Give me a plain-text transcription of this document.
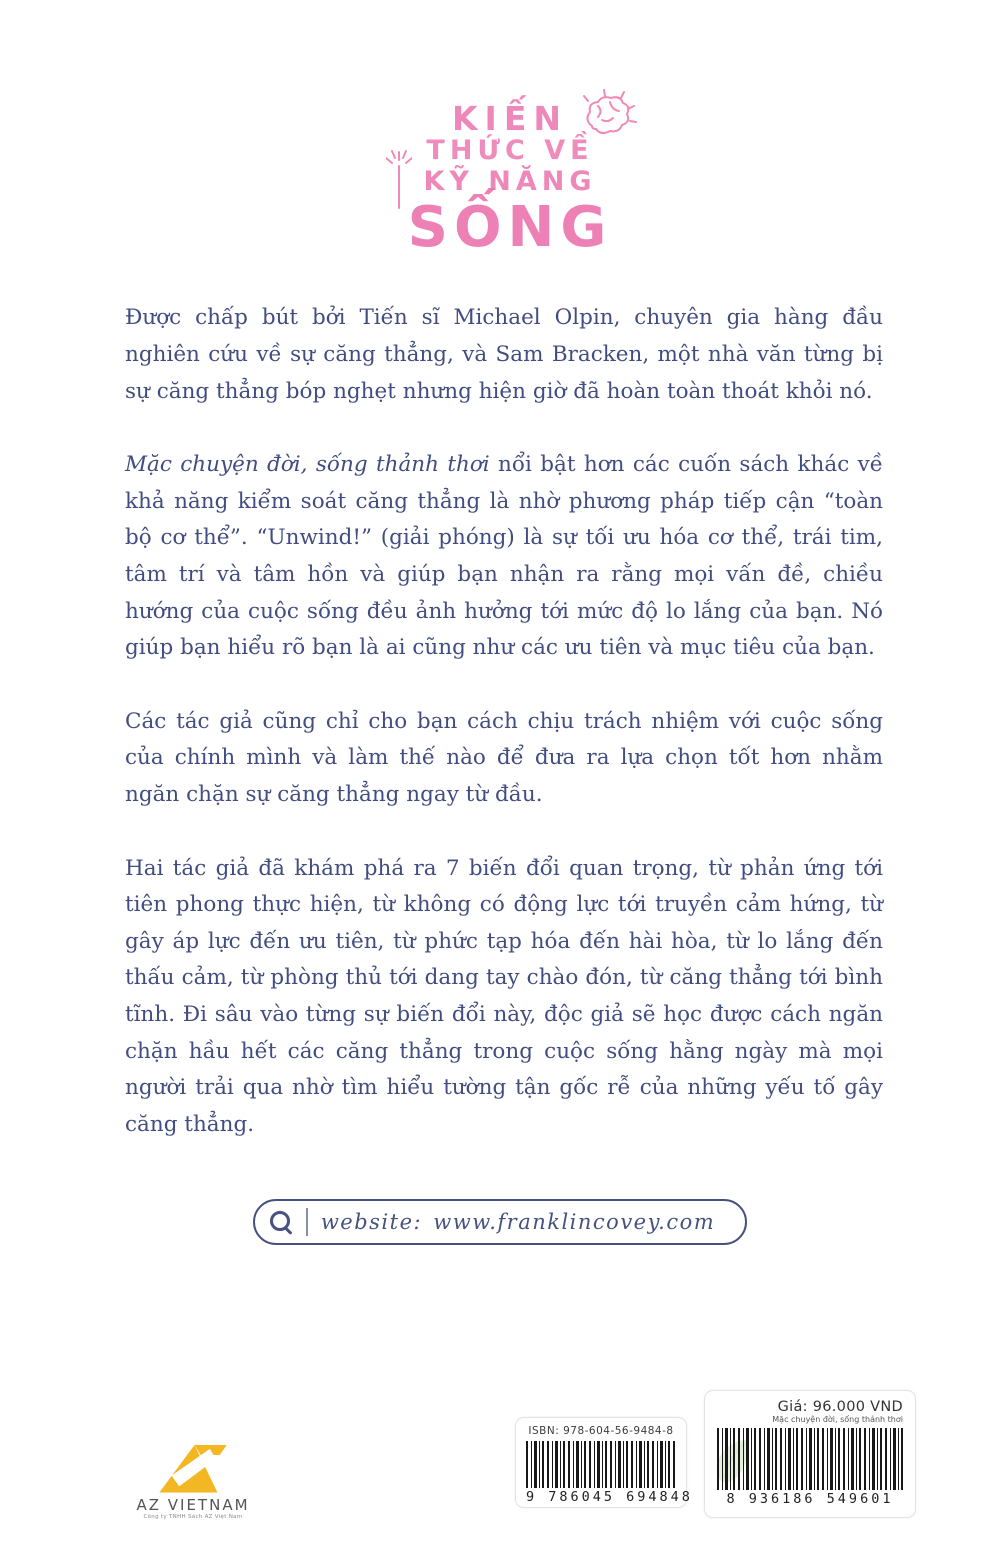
KIẾN
THỨC VỀ
KỸ NĂNG
SỐNG

Được chấp bút bởi Tiến sĩ Michael Olpin, chuyên gia hàng đầu nghiên cứu về sự căng thẳng, và Sam Bracken, một nhà văn từng bị sự căng thẳng bóp nghẹt nhưng hiện giờ đã hoàn toàn thoát khỏi nó.

Mặc chuyện đời, sống thảnh thơi nổi bật hơn các cuốn sách khác về khả năng kiểm soát căng thẳng là nhờ phương pháp tiếp cận “toàn bộ cơ thể”. “Unwind!” (giải phóng) là sự tối ưu hóa cơ thể, trái tim, tâm trí và tâm hồn và giúp bạn nhận ra rằng mọi vấn đề, chiều hướng của cuộc sống đều ảnh hưởng tới mức độ lo lắng của bạn. Nó giúp bạn hiểu rõ bạn là ai cũng như các ưu tiên và mục tiêu của bạn.

Các tác giả cũng chỉ cho bạn cách chịu trách nhiệm với cuộc sống của chính mình và làm thế nào để đưa ra lựa chọn tốt hơn nhằm ngăn chặn sự căng thẳng ngay từ đầu.

Hai tác giả đã khám phá ra 7 biến đổi quan trọng, từ phản ứng tới tiên phong thực hiện, từ không có động lực tới truyền cảm hứng, từ gây áp lực đến ưu tiên, từ phức tạp hóa đến hài hòa, từ lo lắng đến thấu cảm, từ phòng thủ tới dang tay chào đón, từ căng thẳng tới bình tĩnh. Đi sâu vào từng sự biến đổi này, độc giả sẽ học được cách ngăn chặn hầu hết các căng thẳng trong cuộc sống hằng ngày mà mọi người trải qua nhờ tìm hiểu tường tận gốc rễ của những yếu tố gây căng thẳng.

website: www.franklincovey.com
AZ VIETNAM
Công ty TNHH Sách AZ Việt Nam
ISBN: 978-604-56-9484-8
9 786045 694848
Giá: 96.000 VND
Mặc chuyện đời, sống thảnh thơi
8 936186 549601
